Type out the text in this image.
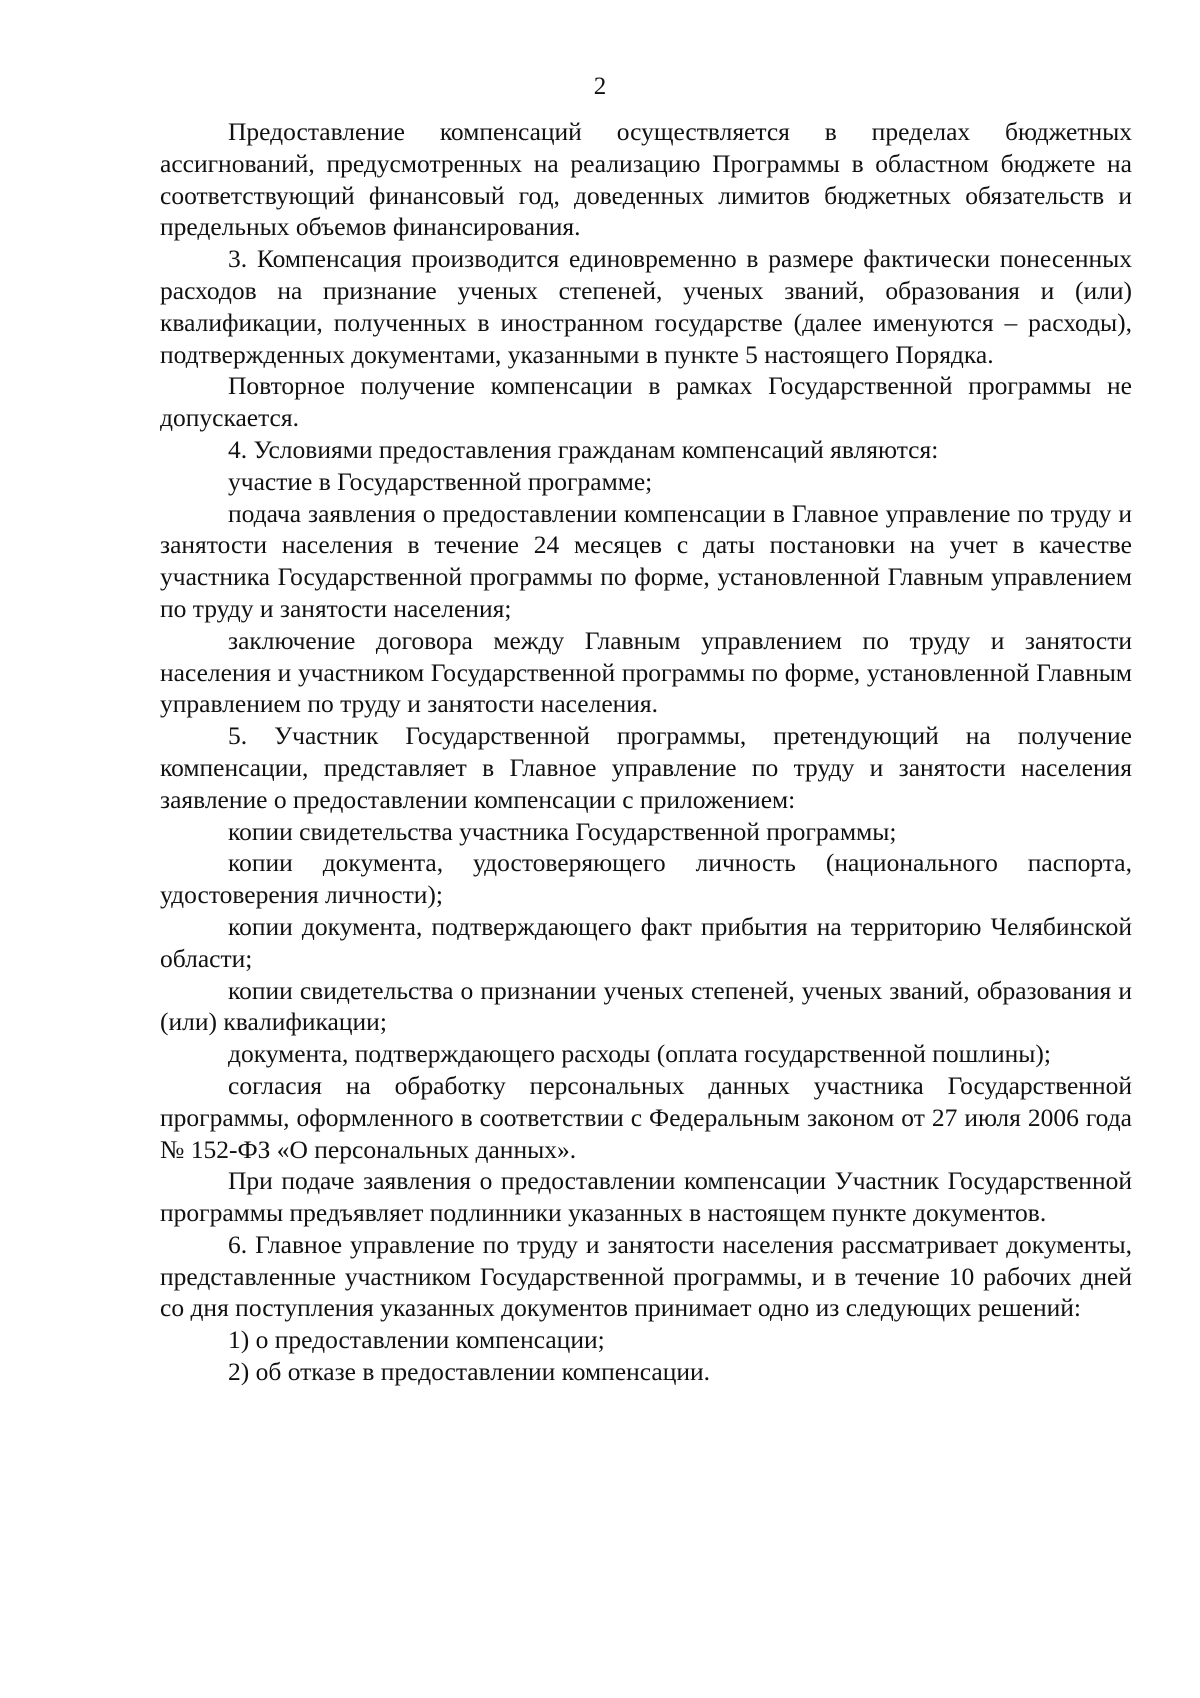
2

Предоставление компенсаций осуществляется в пределах бюджетных ассигнований, предусмотренных на реализацию Программы в областном бюджете на соответствующий финансовый год, доведенных лимитов бюджетных обязательств и предельных объемов финансирования.

3. Компенсация производится единовременно в размере фактически понесенных расходов на признание ученых степеней, ученых званий, образования и (или) квалификации, полученных в иностранном государстве (далее именуются – расходы), подтвержденных документами, указанными в пункте 5 настоящего Порядка.

Повторное получение компенсации в рамках Государственной программы не допускается.

4. Условиями предоставления гражданам компенсаций являются:

участие в Государственной программе;

подача заявления о предоставлении компенсации в Главное управление по труду и занятости населения в течение 24 месяцев с даты постановки на учет в качестве участника Государственной программы по форме, установленной Главным управлением по труду и занятости населения;

заключение договора между Главным управлением по труду и занятости населения и участником Государственной программы по форме, установленной Главным управлением по труду и занятости населения.

5. Участник Государственной программы, претендующий на получение компенсации, представляет в Главное управление по труду и занятости населения заявление о предоставлении компенсации с приложением:

копии свидетельства участника Государственной программы;

копии документа, удостоверяющего личность (национального паспорта, удостоверения личности);

копии документа, подтверждающего факт прибытия на территорию Челябинской области;

копии свидетельства о признании ученых степеней, ученых званий, образования и (или) квалификации;

документа, подтверждающего расходы (оплата государственной пошлины);

согласия на обработку персональных данных участника Государственной программы, оформленного в соответствии с Федеральным законом от 27 июля 2006 года № 152-ФЗ «О персональных данных».

При подаче заявления о предоставлении компенсации Участник Государственной программы предъявляет подлинники указанных в настоящем пункте документов.

6. Главное управление по труду и занятости населения рассматривает документы, представленные участником Государственной программы, и в течение 10 рабочих дней со дня поступления указанных документов принимает одно из следующих решений:

1) о предоставлении компенсации;

2) об отказе в предоставлении компенсации.
